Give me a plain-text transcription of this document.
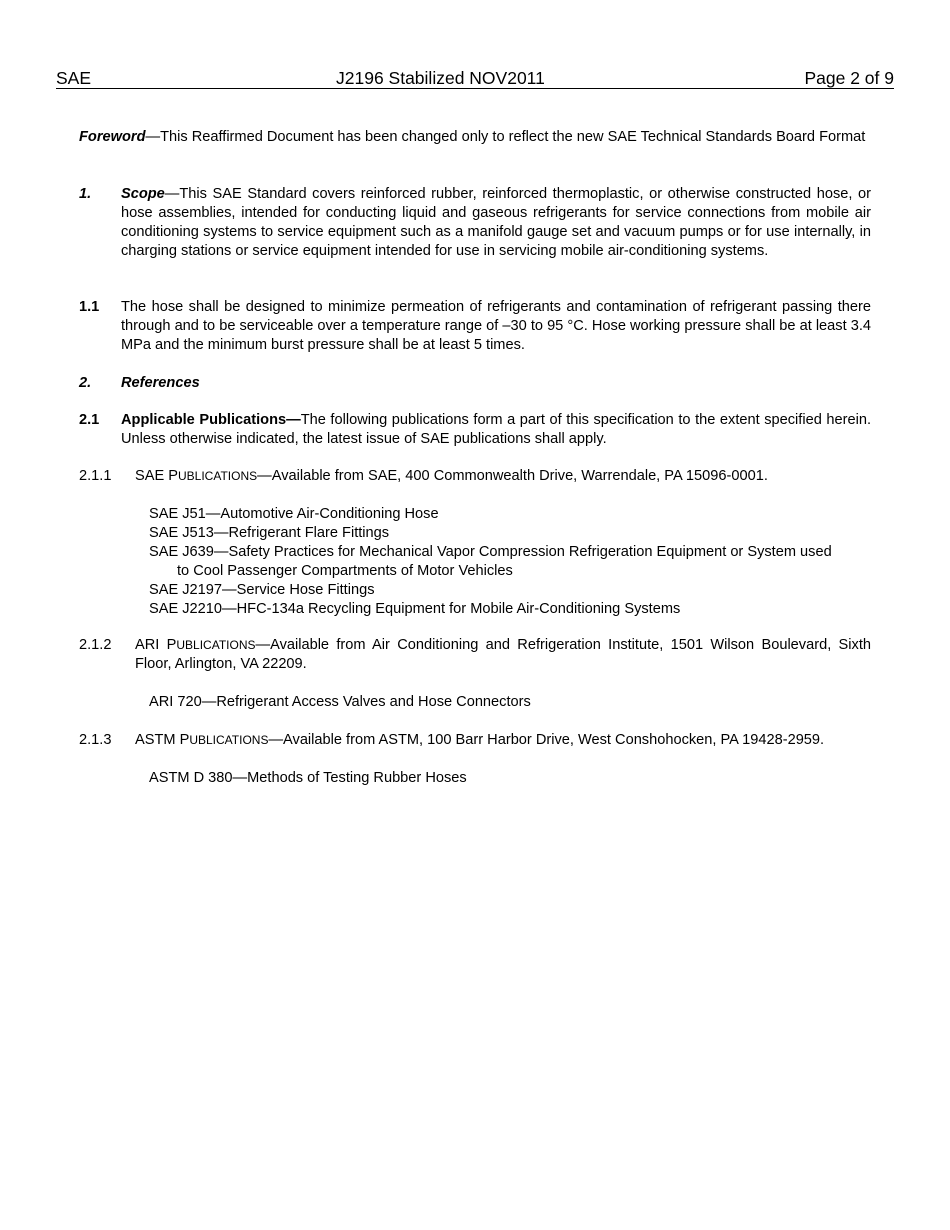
SAE	J2196 Stabilized NOV2011	Page 2 of 9
Foreword—This Reaffirmed Document has been changed only to reflect the new SAE Technical Standards Board Format
1. Scope—This SAE Standard covers reinforced rubber, reinforced thermoplastic, or otherwise constructed hose, or hose assemblies, intended for conducting liquid and gaseous refrigerants for service connections from mobile air conditioning systems to service equipment such as a manifold gauge set and vacuum pumps or for use internally, in charging stations or service equipment intended for use in servicing mobile air-conditioning systems.
1.1 The hose shall be designed to minimize permeation of refrigerants and contamination of refrigerant passing there through and to be serviceable over a temperature range of –30 to 95 °C. Hose working pressure shall be at least 3.4 MPa and the minimum burst pressure shall be at least 5 times.
2. References
2.1 Applicable Publications—The following publications form a part of this specification to the extent specified herein. Unless otherwise indicated, the latest issue of SAE publications shall apply.
2.1.1 SAE PUBLICATIONS—Available from SAE, 400 Commonwealth Drive, Warrendale, PA 15096-0001.
SAE J51—Automotive Air-Conditioning Hose
SAE J513—Refrigerant Flare Fittings
SAE J639—Safety Practices for Mechanical Vapor Compression Refrigeration Equipment or System used
to Cool Passenger Compartments of Motor Vehicles
SAE J2197—Service Hose Fittings
SAE J2210—HFC-134a Recycling Equipment for Mobile Air-Conditioning Systems
2.1.2 ARI PUBLICATIONS—Available from Air Conditioning and Refrigeration Institute, 1501 Wilson Boulevard, Sixth Floor, Arlington, VA 22209.
ARI 720—Refrigerant Access Valves and Hose Connectors
2.1.3 ASTM PUBLICATIONS—Available from ASTM, 100 Barr Harbor Drive, West Conshohocken, PA 19428-2959.
ASTM D 380—Methods of Testing Rubber Hoses
